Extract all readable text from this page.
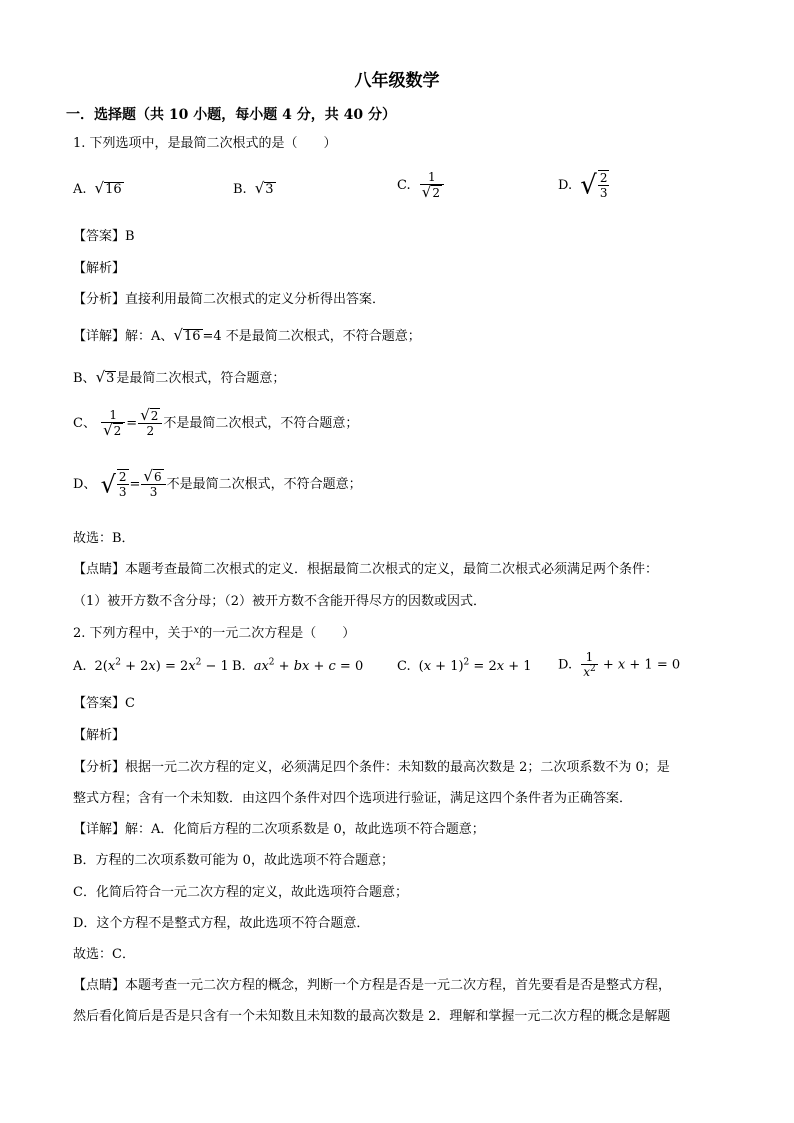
八年级数学
一．选择题（共 10 小题，每小题 4 分，共 40 分）
1. 下列选项中，是最简二次根式的是（　　）
A. √16	B. √3	C. $\frac{1}{√2}$	D. √ $\frac{2}{3}$
【答案】B
【解析】
【分析】直接利用最简二次根式的定义分析得出答案．
【详解】解：A、√16 =4 不是最简二次根式，不符合题意；
B、√3 是最简二次根式，符合题意；
C、 $\frac{1}{√2} = \frac{√2}{2}$ 不是最简二次根式，不符合题意；
D、 √ $\frac{2}{3} = \frac{√6}{3}$ 不是最简二次根式，不符合题意；
故选：B．
【点睛】本题考查最简二次根式的定义．根据最简二次根式的定义，最简二次根式必须满足两个条件：
（1）被开方数不含分母；（2）被开方数不含能开得尽方的因数或因式．
2. 下列方程中，关于$^x$的一元二次方程是（　　）
A. $2(x^2 + 2x) = 2x^2 - 1$ B. $ax^2$ + bx + c = 0	C. $(x + 1)^2 = 2x + 1$ D. $\frac{1}{x^2} + x + 1 = 0$
【答案】C
【解析】
【分析】根据一元二次方程的定义，必须满足四个条件：未知数的最高次数是 2；二次项系数不为 0；是
整式方程；含有一个未知数．由这四个条件对四个选项进行验证，满足这四个条件者为正确答案．
【详解】解：A．化简后方程的二次项系数是 0，故此选项不符合题意；
B．方程的二次项系数可能为 0，故此选项不符合题意；
C．化简后符合一元二次方程的定义，故此选项符合题意；
D．这个方程不是整式方程，故此选项不符合题意．
故选：C．
【点睛】本题考查一元二次方程的概念，判断一个方程是否是一元二次方程，首先要看是否是整式方程，
然后看化简后是否是只含有一个未知数且未知数的最高次数是 2．理解和掌握一元二次方程的概念是解题
